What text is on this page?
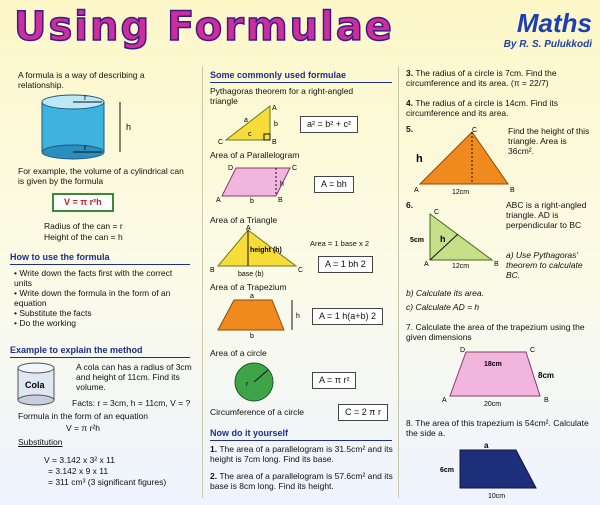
Using Formulae	Maths
By R. S. Pulukkodi
A formula is a way of describing a relationship.
h
r
r
For example, the volume of a cylindrical can is given by the formula
V = π r²h
Radius of the can = r
Height of the can = h
How to use the formula
• Write down the facts first with the correct units
• Write down the formula in the form of an equation
• Substitute the facts
• Do the working
Example to explain the method
Cola
A cola can has a radius of 3cm and height of 11cm. Find its volume.
Facts: r = 3cm, h = 11cm, V = ?
Formula in the form of an equation
V = π r²h
Substitution
V = 3.142 x 3² x 11
= 3.142 x 9 x 11
= 311 cm³ (3 significant figures)
Some commonly used formulae
Pythagoras theorem for a right-angled triangle
C	B
A
a
b
c
a² = b² + c²
Area of a Parallelogram
A	B
C
D
h
b
A = bh
Area of a Triangle
height (h)
base (b)
B	C
A
Area = 1 base x 2
A = 1 bh 2
Area of a Trapezium
a
b
h	A = 1 h(a+b) 2
Area of a circle
r	A = π r²
Circumference of a circle	C = 2 π r
Now do it yourself
1. The area of a parallelogram is 31.5cm² and its height is 7cm long. Find its base.
2. The area of a parallelogram is 57.6cm² and its base is 8cm long. Find its height.
3. The radius of a circle is 7cm. Find the circumference and its area. (π = 22/7)
4. The radius of a circle is 14cm. Find its circumference and its area.
5.
A	B
C
h
12cm
Find the height of this triangle. Area is 36cm².
6.
C
A	B
h
5cm
12cm
ABC is a right-angled triangle. AD is perpendicular to BC
a) Use Pythagoras' theorem to calculate BC.
b) Calculate its area.
c) Calculate AD = h
7. Calculate the area of the trapezium using the given dimensions
D	C
A	B
18cm
8cm
20cm
8. The area of this trapezium is 54cm². Calculate the side a.
a
6cm
10cm
